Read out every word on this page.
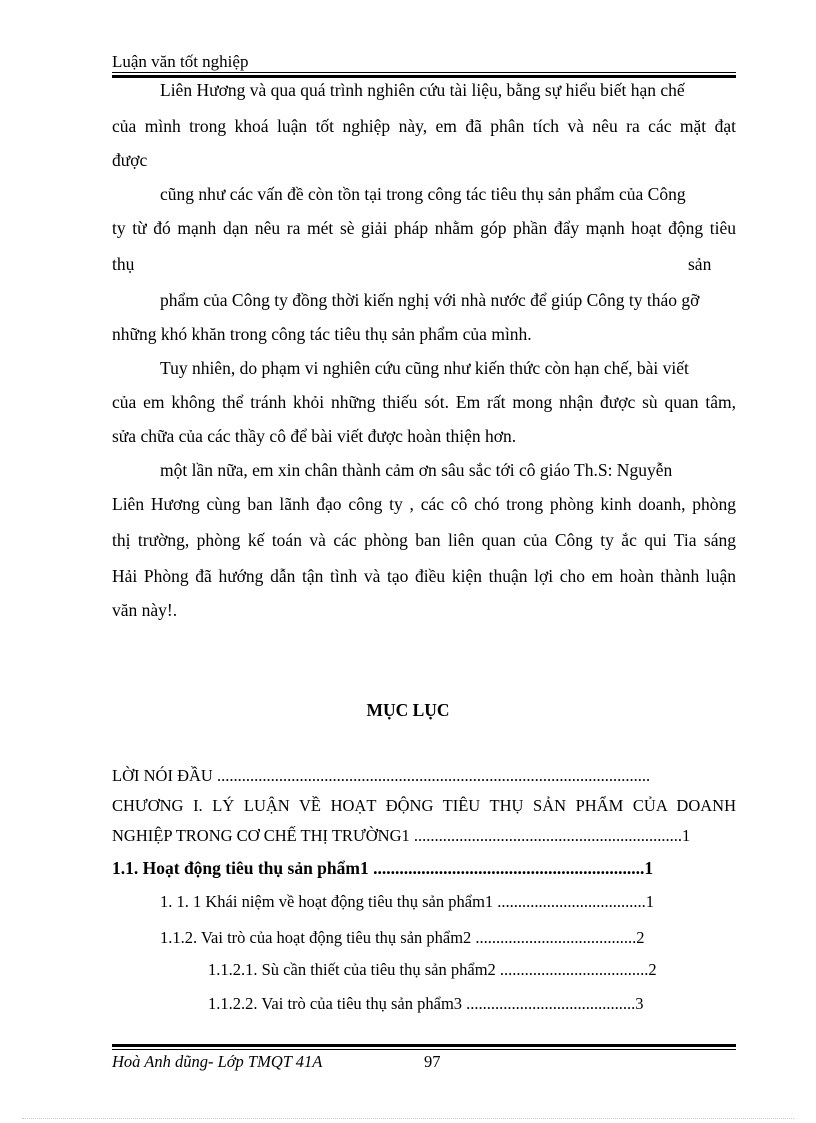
Luận văn tốt nghiệp
Liên Hương và qua quá trình nghiên cứu tài liệu, bằng sự hiểu biết hạn chế
của mình trong khoá luận tốt nghiệp này, em đã phân tích và nêu ra các mặt đạt
được
cũng như các vấn đề còn tồn tại trong công tác tiêu thụ sản phẩm của Công
ty từ đó mạnh dạn nêu ra mét sè giải pháp nhằm góp phần đẩy mạnh hoạt động tiêu
thụ	sản
phẩm của Công ty đồng thời kiến nghị với nhà nước để giúp Công ty tháo gỡ
những khó khăn trong công tác tiêu thụ sản phẩm của mình.
Tuy nhiên, do phạm vi nghiên cứu cũng như kiến thức còn hạn chế, bài viết
của em không thể tránh khỏi những thiếu sót. Em rất mong nhận được sù quan tâm,
sửa chữa của các thầy cô để bài viết được hoàn thiện hơn.
một lần nữa, em xin chân thành cảm ơn sâu sắc tới cô giáo Th.S: Nguyễn
Liên Hương cùng ban lãnh đạo công ty , các cô chó trong phòng kinh doanh, phòng
thị trường, phòng kế toán và các phòng ban liên quan của Công ty ắc qui Tia sáng
Hải Phòng đã hướng dẫn tận tình và tạo điều kiện thuận lợi cho em hoàn thành luận
văn này!.
MỤC LỤC
LỜI NÓI ĐẦU .........................................................................................................
CHƯƠNG I. LÝ LUẬN VỀ HOẠT ĐỘNG TIÊU THỤ SẢN PHẨM CỦA DOANH
NGHIỆP TRONG CƠ CHẾ THỊ TRƯỜNG1 .................................................................1
1.1. Hoạt động tiêu thụ sản phẩm1 ..............................................................1
1. 1. 1 Khái niệm về hoạt động tiêu thụ sản phẩm1 ....................................1
1.1.2. Vai trò của hoạt động tiêu thụ sản phẩm2 .......................................2
1.1.2.1. Sù cần thiết của tiêu thụ sản phẩm2 ....................................2
1.1.2.2. Vai trò của tiêu thụ sản phẩm3 .........................................3
Hoà Anh dũng- Lớp TMQT 41A	97
